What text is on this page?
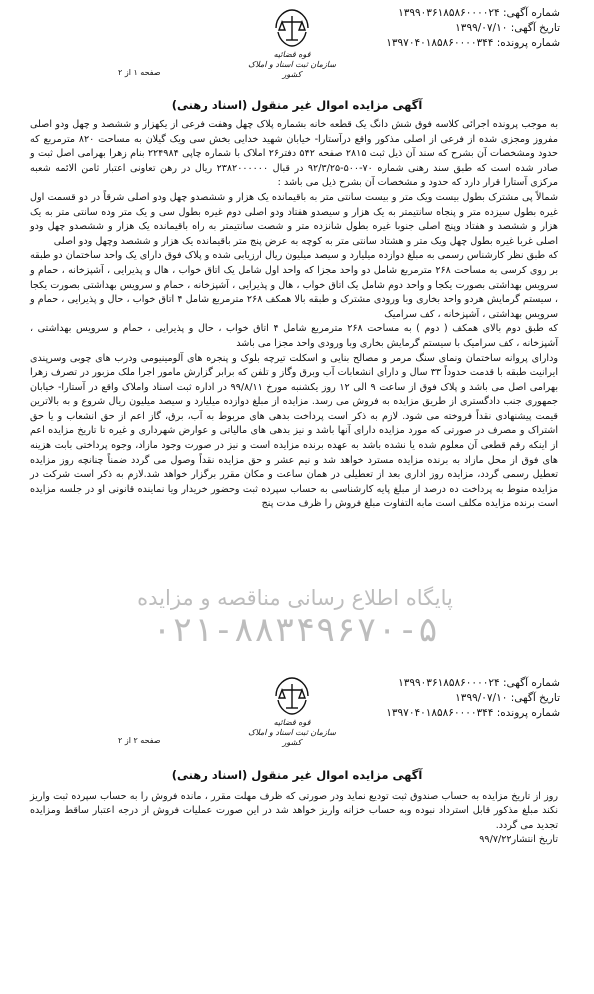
شماره آگهی: ۱۳۹۹۰۳۶۱۸۵۸۶۰۰۰۰۲۴
تاریخ آگهی: ۱۳۹۹/۰۷/۱۰
شماره پرونده: ۱۳۹۷۰۴۰۱۸۵۸۶۰۰۰۰۳۴۴
قوه قضائیه
سازمان ثبت اسناد و املاک کشور
صفحه ۱ از ۲
آگهی مزایده اموال غیر منقول (اسناد رهنی)

به موجب پرونده اجرائی کلاسه فوق شش دانگ یک قطعه خانه بشماره پلاک چهل وهفت فرعی از یکهزار و ششصد و چهل ودو اصلی مفروز ومجزی شده از فرعی از اصلی مذکور واقع درآستارا- خیابان شهید خدایی بخش سی ویک گیلان به مساحت ۸۲۰ مترمربع که حدود ومشخصات آن بشرح که سند آن ذیل ثبت ۲۸۱۵ صفحه ۵۴۲ دفتر۲۶ املاک با شماره چاپی ۲۲۴۹۸۴ بنام زهرا بهرامی اصل ثبت و صادر شده است که طبق سند رهنی شماره ۷۰-۵۰۰-۹۲/۳/۲۵ در قبال ۲۳۸۲۰۰۰۰۰۰ ریال در رهن تعاونی اعتبار ثامن الائمه شعبه مرکزی آستارا قرار دارد که حدود و مشخصات آن بشرح ذیل می باشد :

شمالاً پی مشترک بطول بیست ویک متر و بیست سانتی متر به باقیمانده یک هزار و ششصدو چهل ودو اصلی شرقاً در دو قسمت اول غیره بطول سیزده متر و پنجاه سانتیمتر به یک هزار و سیصدو هفتاد ودو اصلی دوم غیره بطول سی و یک متر وده سانتی متر به یک هزار و ششصد و هفتاد وپنج اصلی جنوبا غیره بطول شانزده متر و شصت سانتیمتر به راه باقیمانده یک هزار و ششصدو چهل ودو اصلی غربا غیره بطول چهل ویک متر و هشتاد سانتی متر به کوچه به عرض پنج متر باقیمانده یک هزار و ششصد وچهل ودو اصلی

که طبق نظر کارشناس رسمی به مبلغ دوازده میلیارد و سیصد میلیون ریال ارزیابی شده و پلاک فوق دارای یک واحد ساختمان دو طبقه بر روی کرسی به مساحت ۲۶۸ مترمربع شامل دو واحد مجزا که واحد اول شامل یک اتاق خواب ، هال و پذیرایی ، آشپزخانه ، حمام و سرویس بهداشتی بصورت یکجا و واحد دوم شامل یک اتاق خواب ، هال و پذیرایی ، آشپزخانه ، حمام و سرویس بهداشتی بصورت یکجا ، سیستم گرمایش هردو واحد بخاری وبا ورودی مشترک و طبقه بالا همکف ۲۶۸ مترمربع شامل ۴ اتاق خواب ، حال و پذیرایی ، حمام و سرویس بهداشتی ، آشپزخانه ، کف سرامیک

که طبق دوم بالای همکف ( دوم ) به مساحت ۲۶۸ مترمربع شامل ۴ اتاق خواب ، حال و پذیرایی ، حمام و سرویس بهداشتی ، آشپزخانه ، کف سرامیک با سیستم گرمایش بخاری وبا ورودی واحد مجزا می باشد

ودارای پروانه ساختمان ونمای سنگ مرمر و مصالح بنایی و اسکلت تیرچه بلوک و پنجره های آلومینیومی ودرب های چوبی وسرپندی ایرانیت طبقه با قدمت حدوداً ۳۳ سال و دارای انشعابات آب وبرق وگاز و تلفن که برابر گزارش مامور اجرا ملک مزبور در تصرف زهرا بهرامی اصل می باشد و پلاک فوق از ساعت ۹ الی ۱۲ روز یکشنبه مورخ ۹۹/۸/۱۱ در اداره ثبت اسناد واملاک واقع در آستارا- خیابان جمهوری جنب دادگستری از طریق مزایده به فروش می رسد. مزایده از مبلغ دوازده میلیارد و سیصد میلیون ریال شروع و به بالاترین قیمت پیشنهادی نقداً فروخته می شود. لازم به ذکر است پرداخت بدهی های مربوط به آب، برق، گاز اعم از حق انشعاب و یا حق اشتراک و مصرف در صورتی که مورد مزایده دارای آنها باشد و نیز بدهی های مالیاتی و عوارض شهرداری و غیره تا تاریخ مزایده اعم از اینکه رقم قطعی آن معلوم شده یا نشده باشد به عهده برنده مزایده است و نیز در صورت وجود مازاد، وجوه پرداختی بابت هزینه های فوق از محل مازاد به برنده مزایده مسترد خواهد شد و نیم عشر و حق مزایده نقداً وصول می گردد ضمناً چنانچه روز مزایده تعطیل رسمی گردد، مزایده روز اداری بعد از تعطیلی در همان ساعت و مکان مقرر برگزار خواهد شد.لازم به ذکر است شرکت در مزایده منوط به پرداخت ده درصد از مبلغ پایه کارشناسی به حساب سپرده ثبت وحضور خریدار ویا نماینده قانونی او در جلسه مزایده است برنده مزایده مکلف است مابه التفاوت مبلغ فروش را ظرف مدت پنج

پایگاه اطلاع رسانی مناقصه و مزایده
۰۲۱-۸۸۳۴۹۶۷۰-۵
شماره آگهی: ۱۳۹۹۰۳۶۱۸۵۸۶۰۰۰۰۲۴
تاریخ آگهی: ۱۳۹۹/۰۷/۱۰
شماره پرونده: ۱۳۹۷۰۴۰۱۸۵۸۶۰۰۰۰۳۴۴
قوه قضائیه
سازمان ثبت اسناد و املاک کشور
صفحه ۲ از ۲
آگهی مزایده اموال غیر منقول (اسناد رهنی)

روز از تاریخ مزایده به حساب صندوق ثبت تودیع نماید ودر صورتی که ظرف مهلت مقرر ، مانده فروش را به حساب سپرده ثبت واریز نکند مبلغ مذکور قابل استرداد نبوده وبه حساب خزانه واریز خواهد شد در این صورت عملیات فروش از درجه اعتبار ساقط ومزایده تجدید می گردد.

تاریخ انتشار۹۹/۷/۲۲
